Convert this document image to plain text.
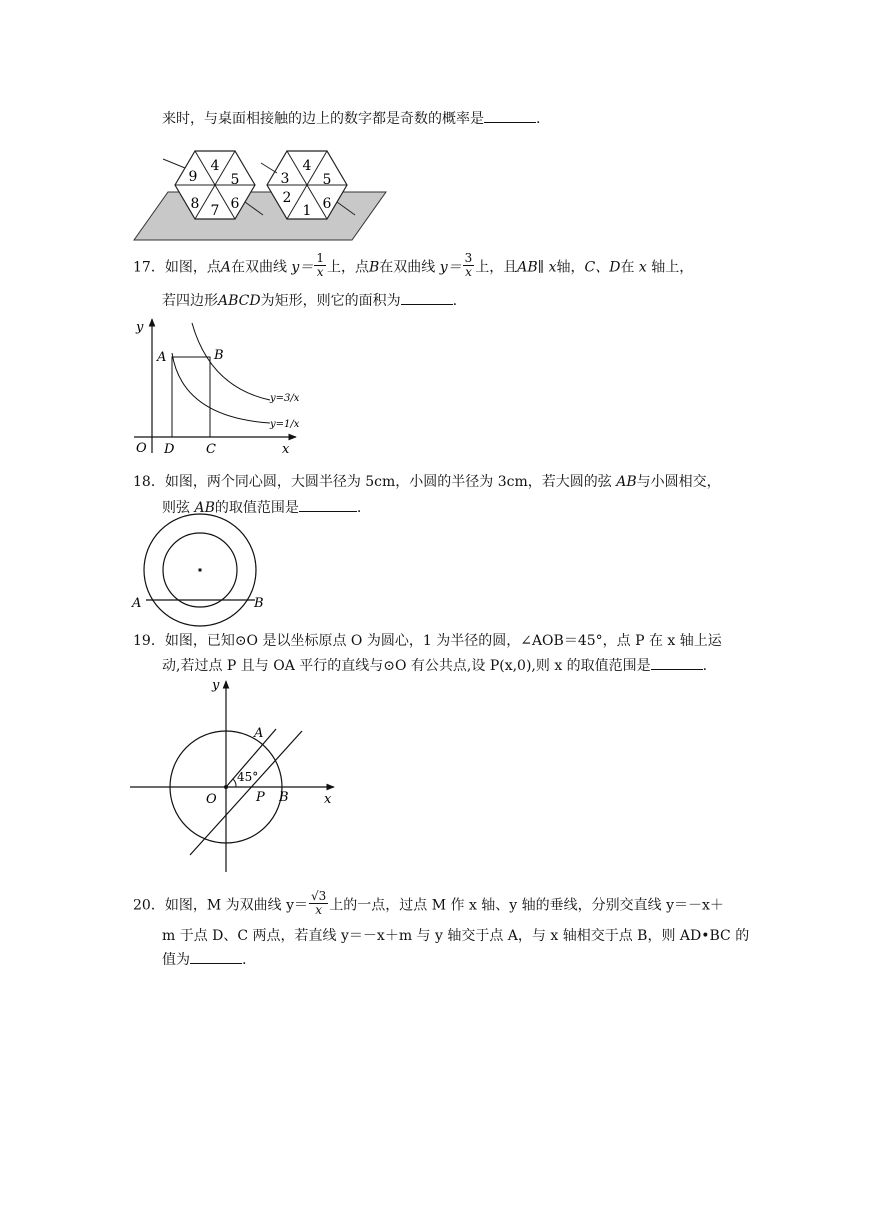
来时，与桌面相接触的边上的数字都是奇数的概率是	.
4
5
6
7
8
9
4
5
6
1
2
3
17．如图，点A在双曲线 $y= \frac{1}{x}$ 上，点B在双曲线 $y= \frac{3}{x}$ 上，且AB∥ x轴，C、D在 x 轴上，
若四边形ABCD为矩形，则它的面积为	.
y
x
O
A	B
D C
y=3/x
y=1/x
18．如图，两个同心圆，大圆半径为 5cm，小圆的半径为 3cm，若大圆的弦 AB与小圆相交，
则弦 AB的取值范围是	.
A	B
19．如图，已知⊙O 是以坐标原点 O 为圆心，1 为半径的圆，∠AOB＝45°，点 P 在 x 轴上运
动,若过点 P 且与 OA 平行的直线与⊙O 有公共点,设 P(x,0),则 x 的取值范围是	.
y
x
O
A
P B
45°
20．如图，M 为双曲线 $y= \frac{√3}{x}$ 上的一点，过点 M 作 x 轴、y 轴的垂线，分别交直线 y＝－x＋
m 于点 D、C 两点，若直线 y＝－x＋m 与 y 轴交于点 A，与 x 轴相交于点 B，则 AD•BC 的
值为	.
